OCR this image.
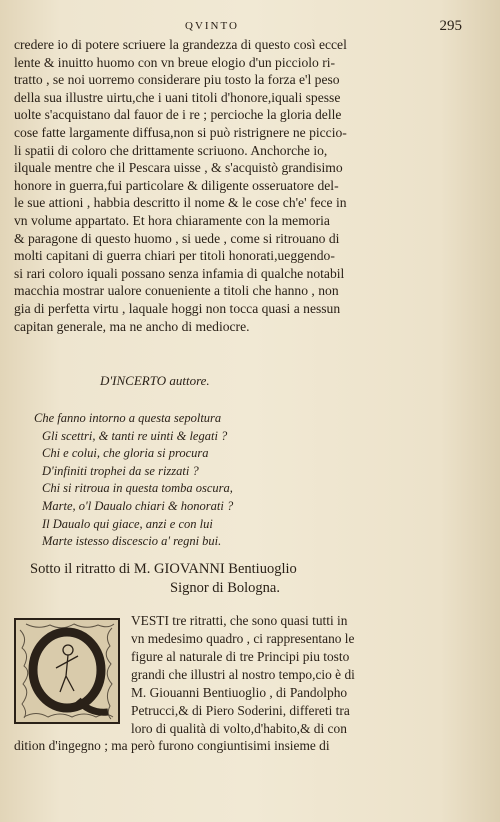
QVINTO	295
credere io di potere scriuere la grandezza di questo così eccel
lente & inuitto huomo con vn breue elogio d'un picciolo ri-
tratto , se noi uorremo considerare piu tosto la forza e'l peso
della sua illustre uirtu,che i uani titoli d'honore,iquali spesse
uolte s'acquistano dal fauor de i re ; percioche la gloria delle
cose fatte largamente diffusa,non si può ristrignere ne piccio-
li spatii di coloro che drittamente scriuono. Anchorche io,
ilquale mentre che il Pescara uisse , & s'acquistò grandisimo
honore in guerra,fui particolare & diligente osseruatore del-
le sue attioni , habbia descritto il nome & le cose ch'e' fece in
vn volume appartato. Et hora chiaramente con la memoria
& paragone di questo huomo , si uede , come si ritrouano di
molti capitani di guerra chiari per titoli honorati,ueggendo-
si rari coloro iquali possano senza infamia di qualche notabil
macchia mostrar ualore conueniente a titoli che hanno , non
gia di perfetta virtu , laquale hoggi non tocca quasi a nessun
capitan generale, ma ne ancho di mediocre.
D'INCERTO auttore.
Che fanno intorno a questa sepoltura
Gli scettri, & tanti re uinti & legati ?
Chi e colui, che gloria si procura
D'infiniti trophei da se rizzati ?
Chi si ritroua in questa tomba oscura,
Marte, o'l Daualo chiari & honorati ?
Il Daualo qui giace, anzi e con lui
Marte istesso discescio a' regni bui.
Sotto il ritratto di M. GIOVANNI Bentiuoglio
Signor di Bologna.
VESTI tre ritratti, che sono quasi tutti in
vn medesimo quadro , ci rappresentano le
figure al naturale di tre Principi piu tosto
grandi che illustri al nostro tempo,cio è di
M. Giouanni Bentiuoglio , di Pandolpho
Petrucci,& di Piero Soderini, differeti tra
loro di qualità di volto,d'habito,& di con
dition d'ingegno ; ma però furono congiuntisimi insieme di
